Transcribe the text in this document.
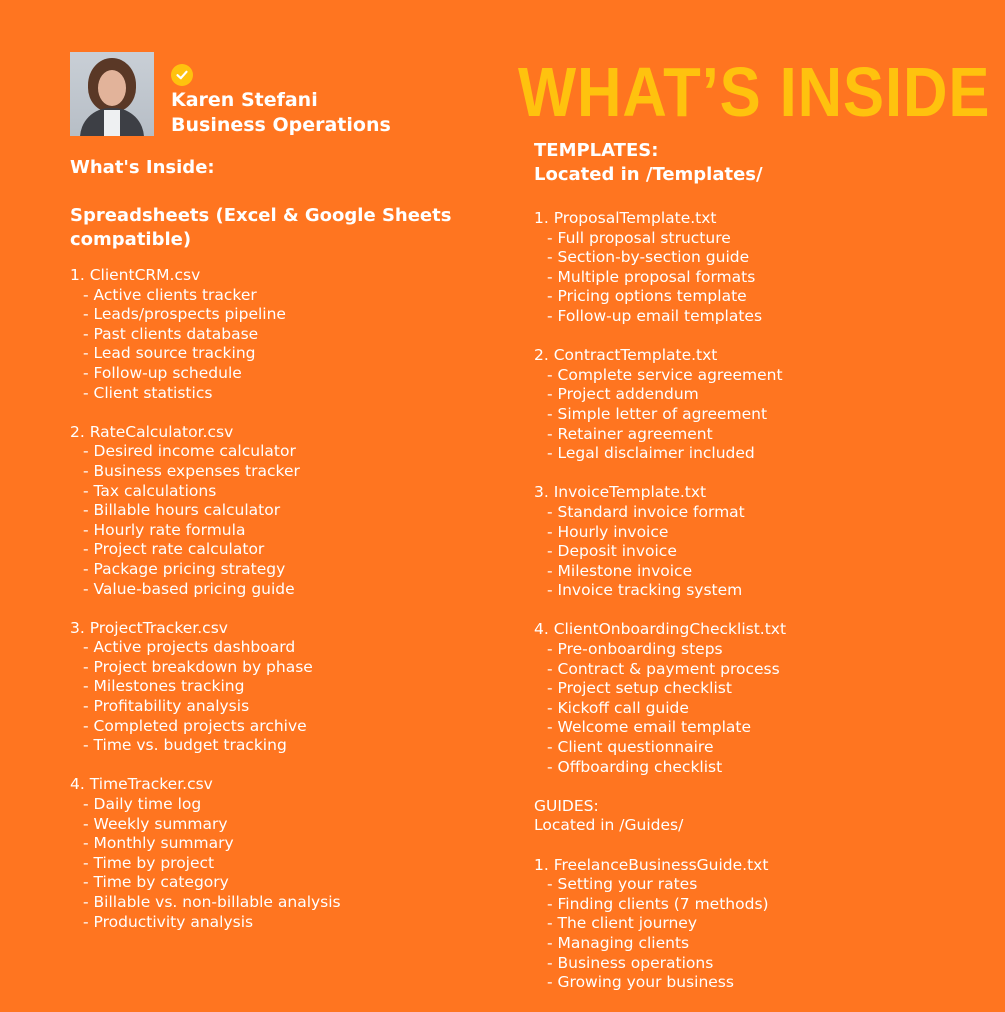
Karen Stefani
Business Operations WHAT’S INSIDE
What's Inside:
Spreadsheets (Excel & Google Sheets compatible)
1. ClientCRM.csv
- Active clients tracker
- Leads/prospects pipeline
- Past clients database
- Lead source tracking
- Follow-up schedule
- Client statistics
2. RateCalculator.csv
- Desired income calculator
- Business expenses tracker
- Tax calculations
- Billable hours calculator
- Hourly rate formula
- Project rate calculator
- Package pricing strategy
- Value-based pricing guide
3. ProjectTracker.csv
- Active projects dashboard
- Project breakdown by phase
- Milestones tracking
- Profitability analysis
- Completed projects archive
- Time vs. budget tracking
4. TimeTracker.csv
- Daily time log
- Weekly summary
- Monthly summary
- Time by project
- Time by category
- Billable vs. non-billable analysis
- Productivity analysis
TEMPLATES:
Located in /Templates/
1. ProposalTemplate.txt
- Full proposal structure
- Section-by-section guide
- Multiple proposal formats
- Pricing options template
- Follow-up email templates
2. ContractTemplate.txt
- Complete service agreement
- Project addendum
- Simple letter of agreement
- Retainer agreement
- Legal disclaimer included
3. InvoiceTemplate.txt
- Standard invoice format
- Hourly invoice
- Deposit invoice
- Milestone invoice
- Invoice tracking system
4. ClientOnboardingChecklist.txt
- Pre-onboarding steps
- Contract & payment process
- Project setup checklist
- Kickoff call guide
- Welcome email template
- Client questionnaire
- Offboarding checklist
GUIDES:
Located in /Guides/
1. FreelanceBusinessGuide.txt
- Setting your rates
- Finding clients (7 methods)
- The client journey
- Managing clients
- Business operations
- Growing your business
